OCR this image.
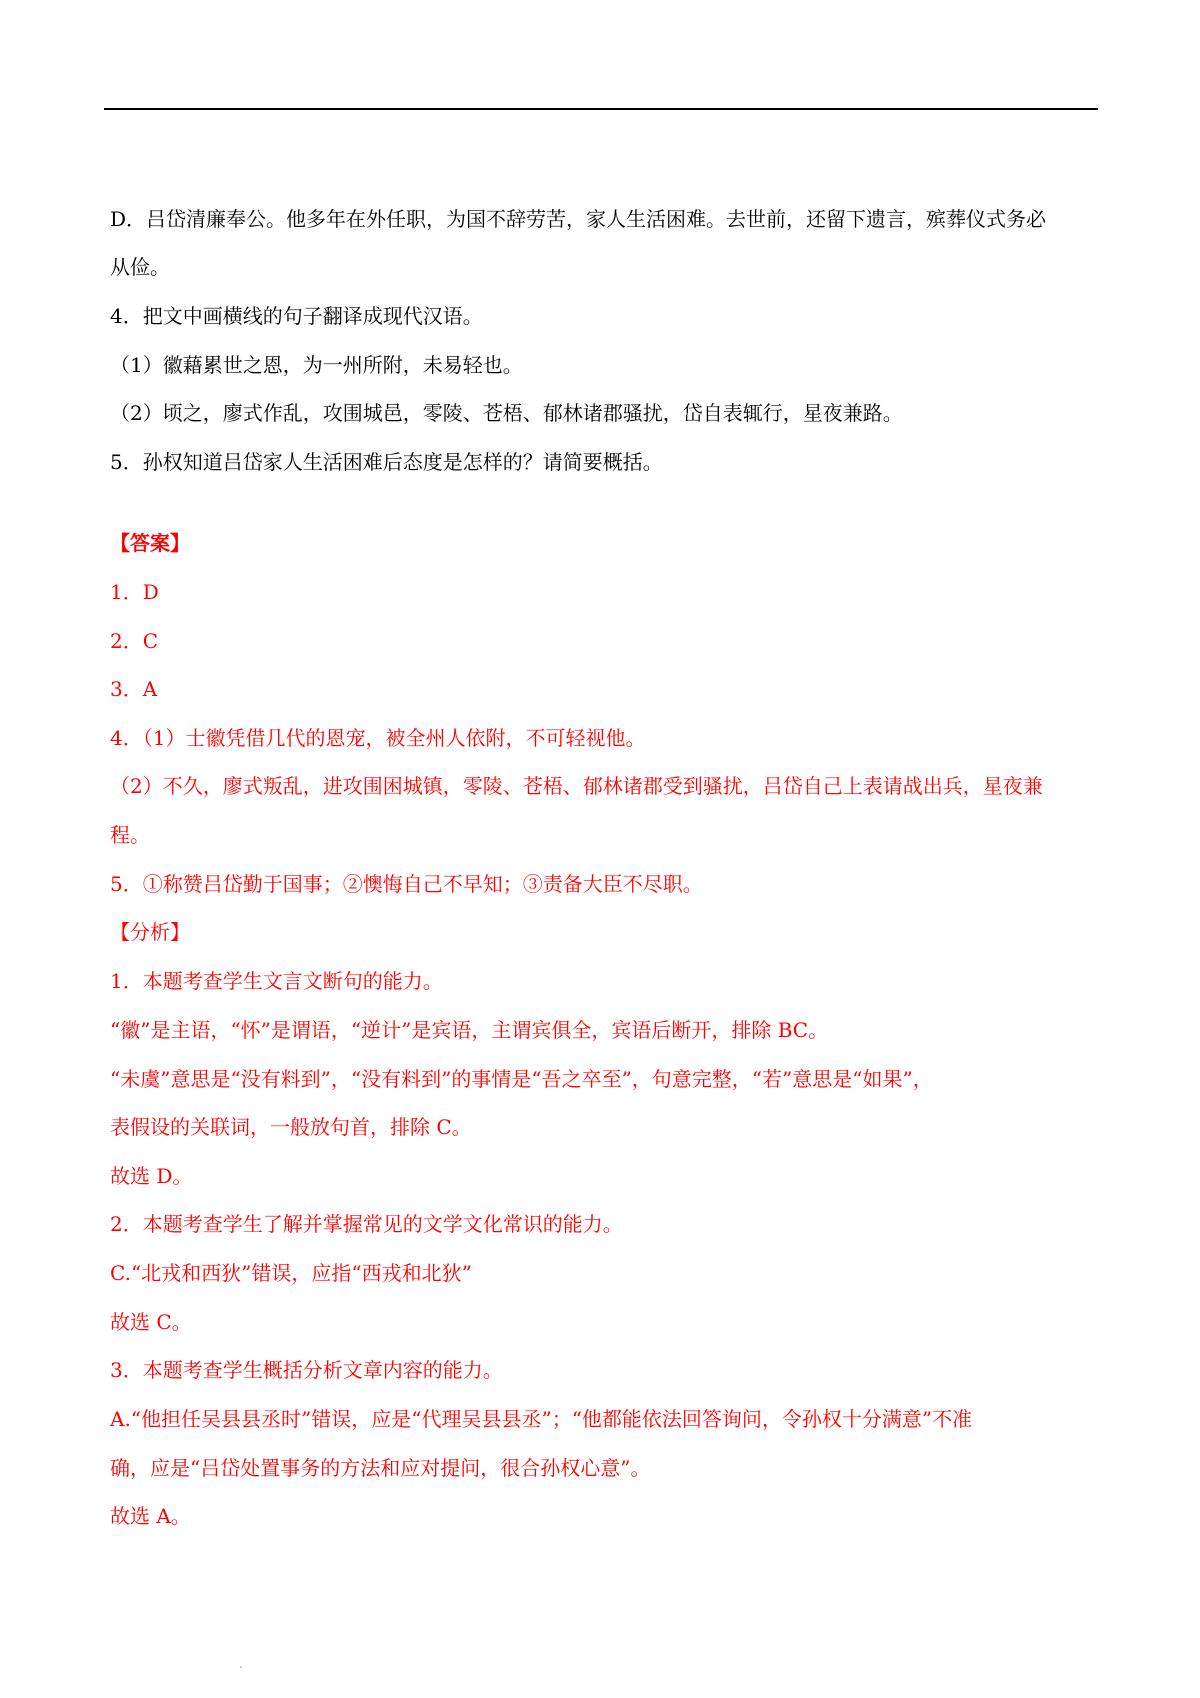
D．吕岱清廉奉公。他多年在外任职，为国不辞劳苦，家人生活困难。去世前，还留下遗言，殡葬仪式务必
从俭。
4．把文中画横线的句子翻译成现代汉语。
（1）徽藉累世之恩，为一州所附，未易轻也。
（2）顷之，廖式作乱，攻围城邑，零陵、苍梧、郁林诸郡骚扰，岱自表辄行，星夜兼路。
5．孙权知道吕岱家人生活困难后态度是怎样的？请简要概括。
【答案】
1．D
2．C
3．A
4．（1）士徽凭借几代的恩宠，被全州人依附，不可轻视他。
（2）不久，廖式叛乱，进攻围困城镇，零陵、苍梧、郁林诸郡受到骚扰，吕岱自己上表请战出兵，星夜兼
程。
5．①称赞吕岱勤于国事；②懊悔自己不早知；③责备大臣不尽职。
【分析】
1．本题考查学生文言文断句的能力。
“徽”是主语，“怀”是谓语，“逆计”是宾语，主谓宾俱全，宾语后断开，排除 BC。
“未虞”意思是“没有料到”，“没有料到”的事情是“吾之卒至”，句意完整，“若”意思是“如果”，
表假设的关联词，一般放句首，排除 C。
故选 D。
2．本题考查学生了解并掌握常见的文学文化常识的能力。
C.“北戎和西狄”错误，应指“西戎和北狄”
故选 C。
3．本题考查学生概括分析文章内容的能力。
A.“他担任吴县县丞时”错误，应是“代理吴县县丞”；“他都能依法回答询问，令孙权十分满意”不准
确，应是“吕岱处置事务的方法和应对提问，很合孙权心意”。
故选 A。
